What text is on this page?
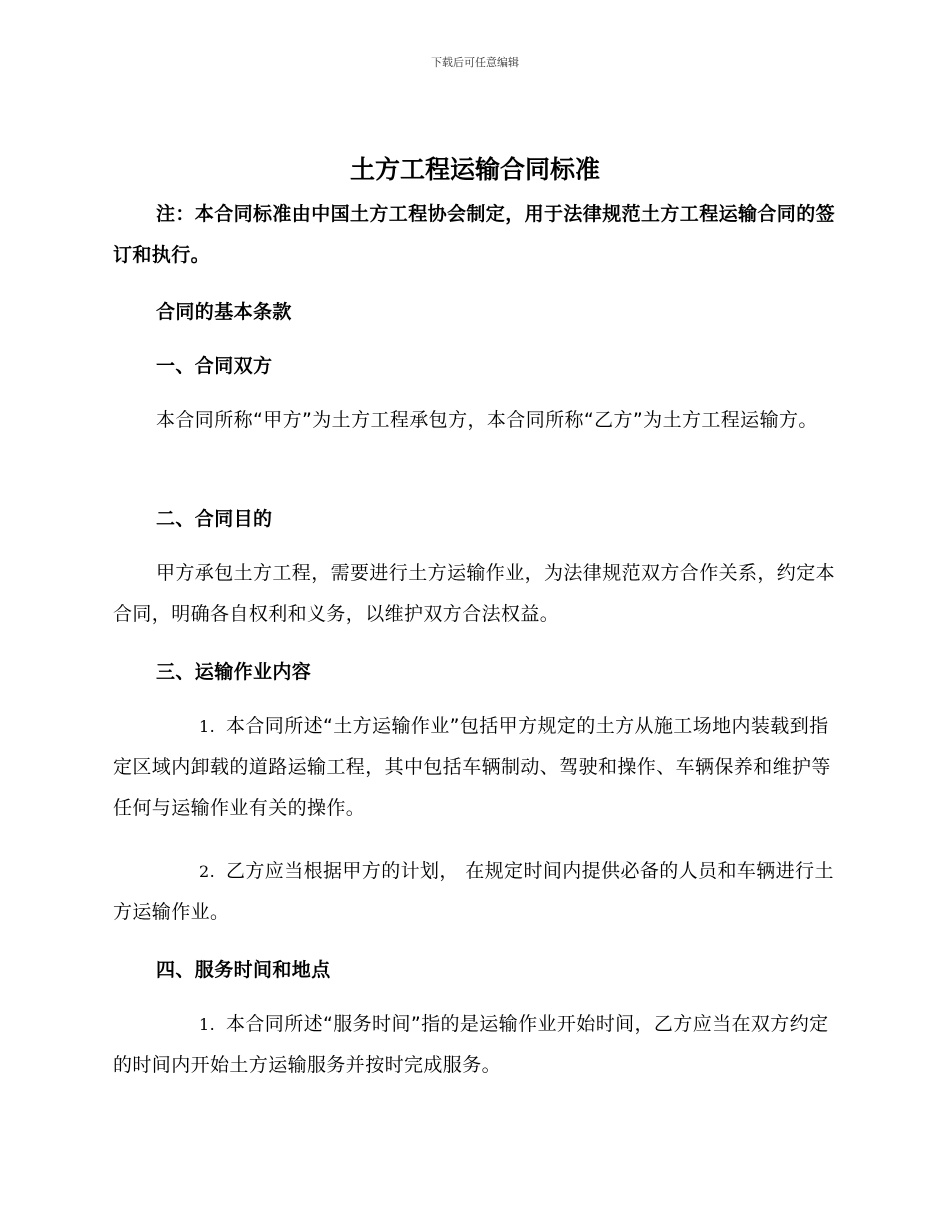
下载后可任意编辑
土方工程运输合同标准

注：本合同标准由中国土方工程协会制定，用于法律规范土方工程运输合同的签订和执行。

合同的基本条款

一、合同双方

本合同所称“甲方”为土方工程承包方，本合同所称“乙方”为土方工程运输方。

二、合同目的

甲方承包土方工程，需要进行土方运输作业，为法律规范双方合作关系，约定本合同，明确各自权利和义务，以维护双方合法权益。

三、运输作业内容

1. 本合同所述“土方运输作业”包括甲方规定的土方从施工场地内装载到指定区域内卸载的道路运输工程，其中包括车辆制动、驾驶和操作、车辆保养和维护等任何与运输作业有关的操作。

2. 乙方应当根据甲方的计划， 在规定时间内提供必备的人员和车辆进行土方运输作业。

四、服务时间和地点

1. 本合同所述“服务时间”指的是运输作业开始时间，乙方应当在双方约定的时间内开始土方运输服务并按时完成服务。
